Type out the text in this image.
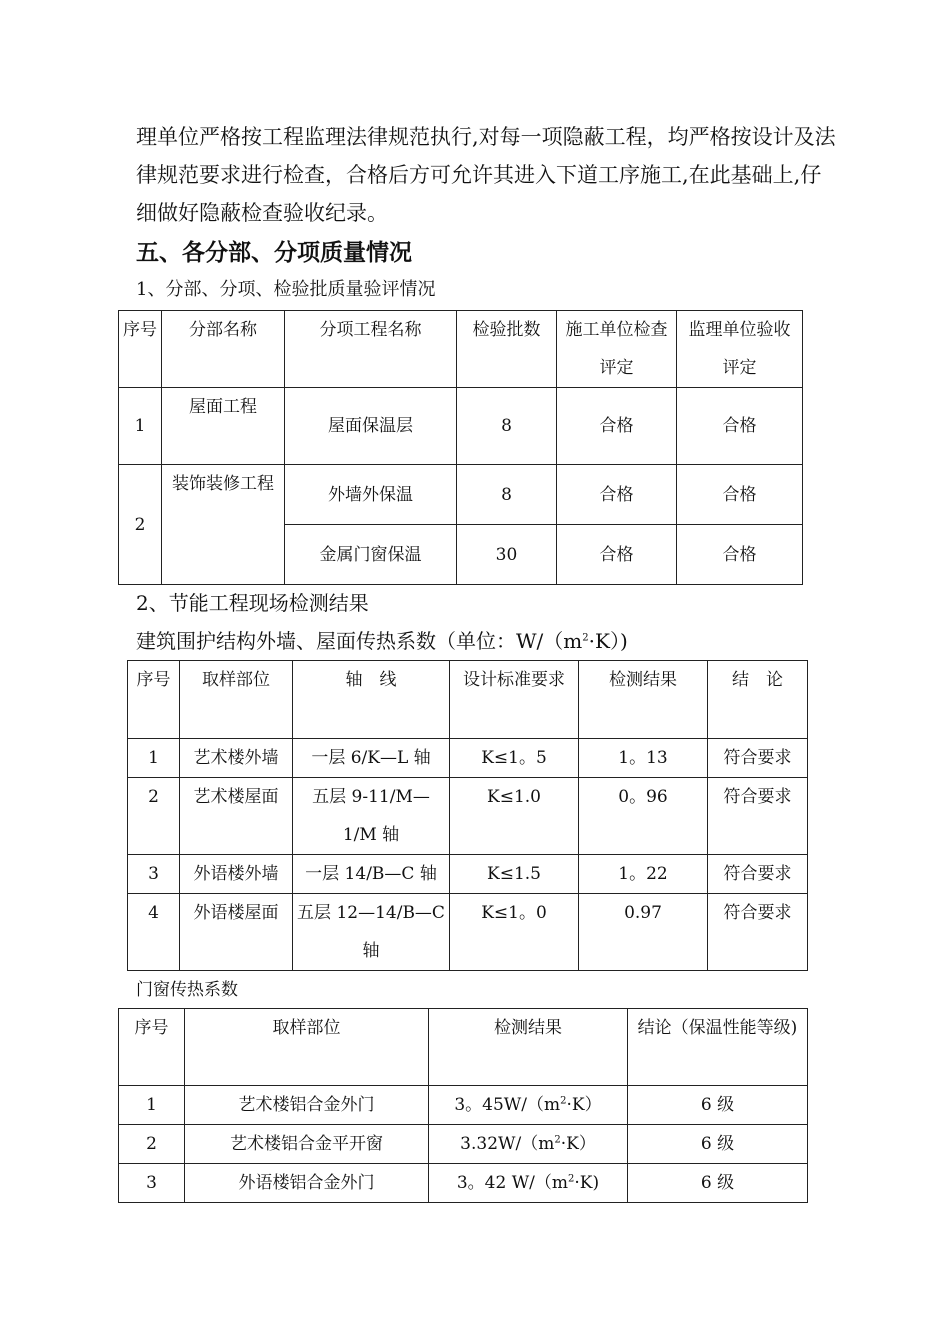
理单位严格按工程监理法律规范执行,对每一项隐蔽工程，均严格按设计及法律规范要求进行检查，合格后方可允许其进入下道工序施工,在此基础上,仔细做好隐蔽检查验收纪录。

五、各分部、分项质量情况

1、分部、分项、检验批质量验评情况

序号	分部名称	分项工程名称	检验批数	施工单位检查评定	监理单位验收评定
1	屋面工程	屋面保温层	8	合格	合格
2	装饰装修工程	外墙外保温	8	合格	合格
		金属门窗保温	30	合格	合格

2、节能工程现场检测结果

建筑围护结构外墙、屋面传热系数（单位：$W/(m^2\cdot K)$)

序号	取样部位	轴　线	设计标准要求	检测结果	结　论
1	艺术楼外墙	一层 6/K—L 轴	K≤1。5	1。13	符合要求
2	艺术楼屋面	五层 9-11/M—1/M 轴	K≤1.0	0。96	符合要求
3	外语楼外墙	一层 14/B—C 轴	K≤1.5	1。22	符合要求
4	外语楼屋面	五层 12—14/B—C 轴	K≤1。0	0.97	符合要求

门窗传热系数

序号	取样部位	检测结果	结论（保温性能等级)
1	艺术楼铝合金外门	3。$45W/(m^2\cdot K)$	6 级
2	艺术楼铝合金平开窗	$3.32W/(m^2\cdot K)$	6 级
3	外语楼铝合金外门	3。42 $W/(m^2\cdot K)$	6 级
